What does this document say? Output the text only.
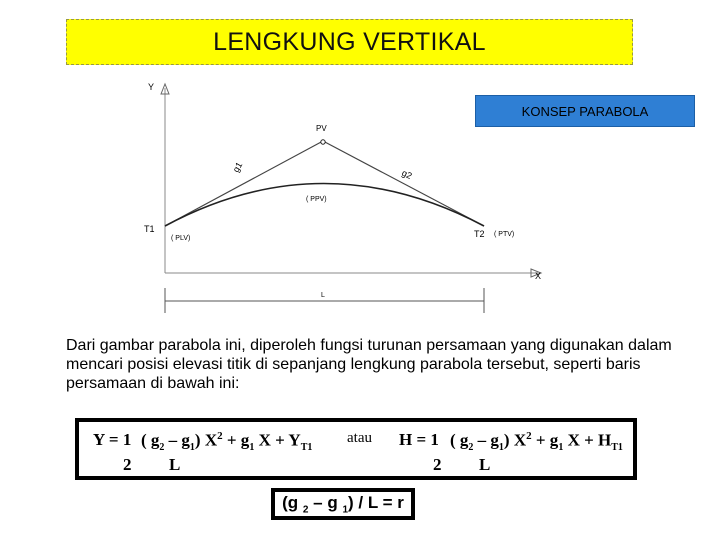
LENGKUNG VERTIKAL
Y
X
PV
g1
g2
( PPV)
T1
( PLV)	T2 ( PTV)
L
KONSEP PARABOLA
Dari gambar parabola ini, diperoleh fungsi turunan persamaan yang digunakan dalam mencari posisi elevasi titik di sepanjang lengkung parabola tersebut, seperti baris persamaan di bawah ini:
Y = 1
2
( $g_2 - g_1$) $X^2 + g_1$ $X + Y_{T1}$
L
atau H = 1
2
( $g_2 - g_1$) $X^2 + g_1$ $X + H_{T1}$
L
(g $_2$ – g $_1$) / L = r
